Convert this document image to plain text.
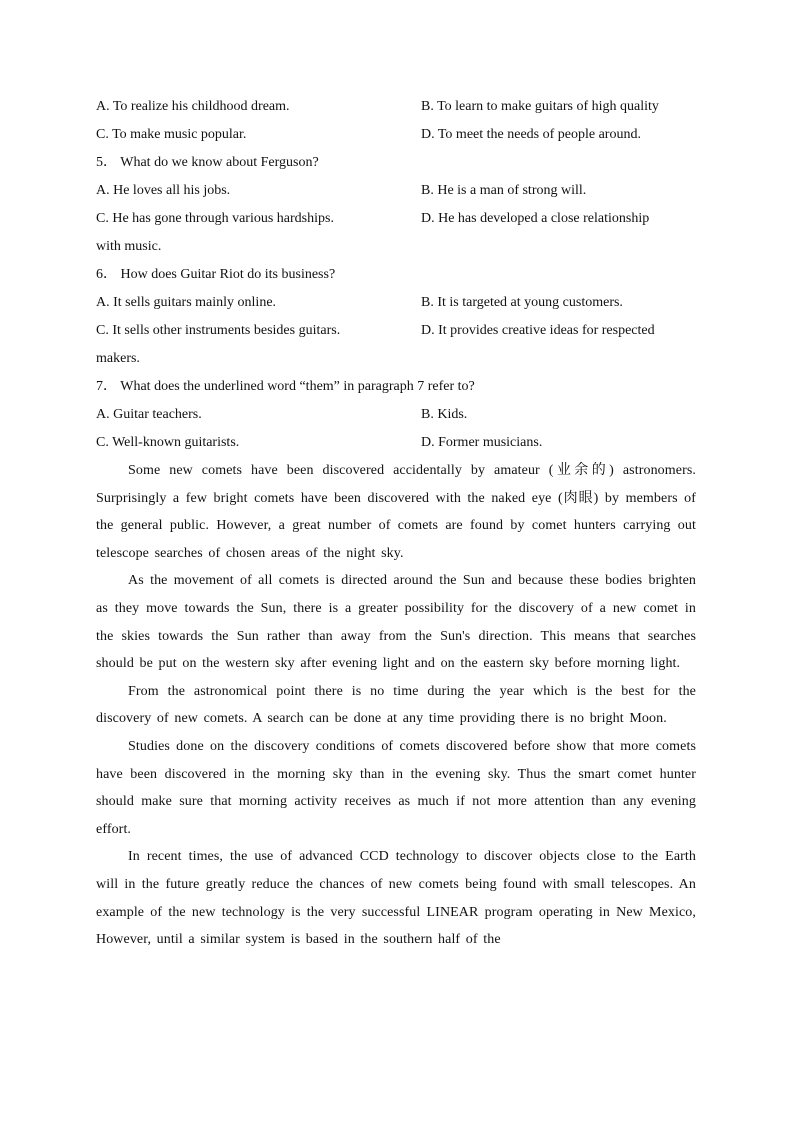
A. To realize his childhood dream.	B. To learn to make guitars of high quality
C. To make music popular.	D. To meet the needs of people around.
5． What do we know about Ferguson?
A. He loves all his jobs.	B. He is a man of strong will.
C. He has gone through various hardships.	D. He has developed a close relationship
with music.
6． How does Guitar Riot do its business?
A. It sells guitars mainly online.	B. It is targeted at young customers.
C. It sells other instruments besides guitars.	D. It provides creative ideas for respected
makers.
7． What does the underlined word “them” in paragraph 7 refer to?
A. Guitar teachers.	B. Kids.
C. Well-known guitarists.	D. Former musicians.

Some new comets have been discovered accidentally by amateur (业余的) astronomers. Surprisingly a few bright comets have been discovered with the naked eye (肉眼) by members of the general public. However, a great number of comets are found by comet hunters carrying out telescope searches of chosen areas of the night sky.

As the movement of all comets is directed around the Sun and because these bodies brighten as they move towards the Sun, there is a greater possibility for the discovery of a new comet in the skies towards the Sun rather than away from the Sun's direction. This means that searches should be put on the western sky after evening light and on the eastern sky before morning light.

From the astronomical point there is no time during the year which is the best for the discovery of new comets. A search can be done at any time providing there is no bright Moon.

Studies done on the discovery conditions of comets discovered before show that more comets have been discovered in the morning sky than in the evening sky. Thus the smart comet hunter should make sure that morning activity receives as much if not more attention than any evening effort.

In recent times, the use of advanced CCD technology to discover objects close to the Earth will in the future greatly reduce the chances of new comets being found with small telescopes. An example of the new technology is the very successful LINEAR program operating in New Mexico, However, until a similar system is based in the southern half of the
